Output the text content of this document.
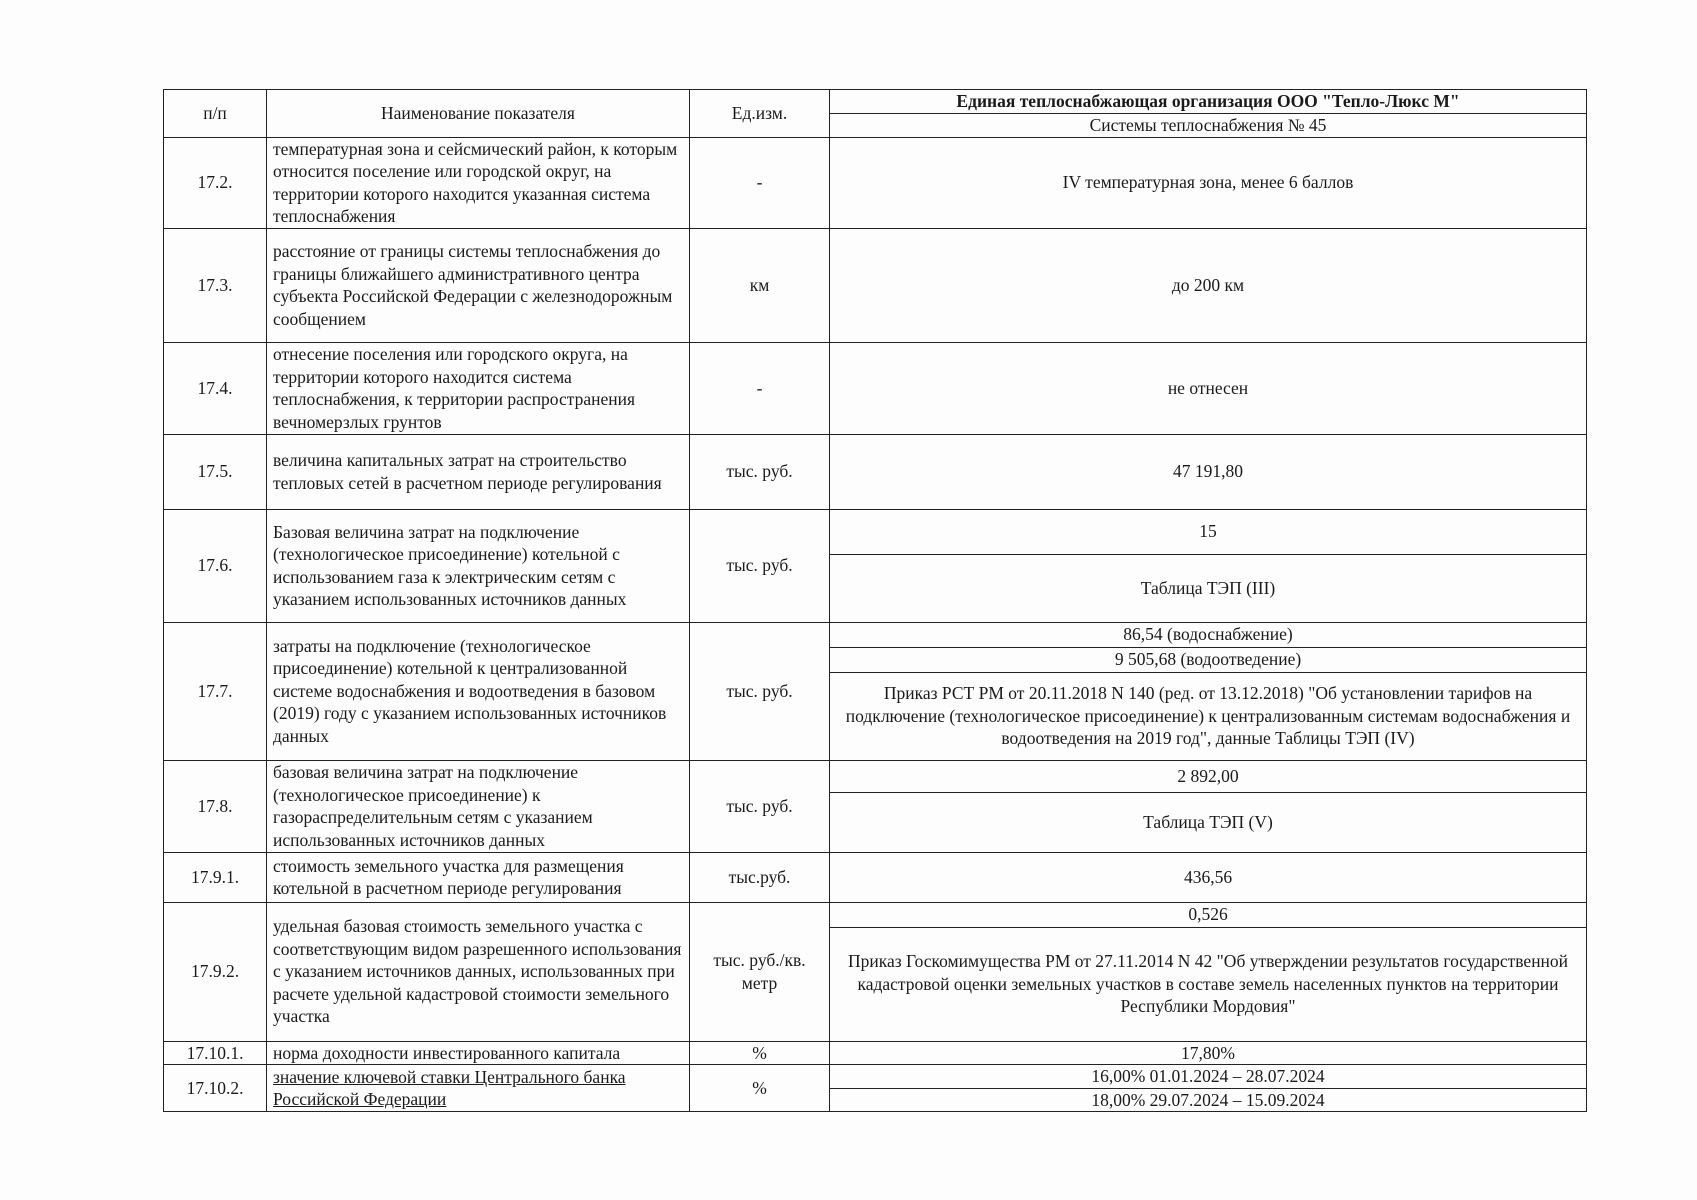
п/п	Наименование показателя	Ед.изм.	Единая теплоснабжающая организация ООО "Тепло-Люкс М"
			Системы теплоснабжения № 45
17.2.	температурная зона и сейсмический район, к которым относится поселение или городской округ, на территории которого находится указанная система теплоснабжения	-	IV температурная зона, менее 6 баллов
17.3.	расстояние от границы системы теплоснабжения до границы ближайшего административного центра субъекта Российской Федерации с железнодорожным сообщением	км	до 200 км
17.4.	отнесение поселения или городского округа, на территории которого находится система теплоснабжения, к территории распространения вечномерзлых грунтов	-	не отнесен
17.5.	величина капитальных затрат на строительство тепловых сетей в расчетном периоде регулирования	тыс. руб.	47 191,80
17.6.	Базовая величина затрат на подключение (технологическое присоединение) котельной с использованием газа к электрическим сетям с указанием использованных источников данных	тыс. руб.	15
			Таблица ТЭП (III)
17.7.	затраты на подключение (технологическое присоединение) котельной к централизованной системе водоснабжения и водоотведения в базовом (2019) году с указанием использованных источников данных	тыс. руб.	86,54 (водоснабжение)
			9 505,68 (водоотведение)
			Приказ РСТ РМ от 20.11.2018 N 140 (ред. от 13.12.2018) "Об установлении тарифов на подключение (технологическое присоединение) к централизованным системам водоснабжения и водоотведения на 2019 год", данные Таблицы ТЭП (IV)
17.8.	базовая величина затрат на подключение (технологическое присоединение) к газораспределительным сетям с указанием использованных источников данных	тыс. руб.	2 892,00
			Таблица ТЭП (V)
17.9.1.	стоимость земельного участка для размещения котельной в расчетном периоде регулирования	тыс.руб.	436,56
17.9.2.	удельная базовая стоимость земельного участка с соответствующим видом разрешенного использования с указанием источников данных, использованных при расчете удельной кадастровой стоимости земельного участка	тыс. руб./кв. метр	0,526
			Приказ Госкомимущества РМ от 27.11.2014 N 42 "Об утверждении результатов государственной кадастровой оценки земельных участков в составе земель населенных пунктов на территории Республики Мордовия"
17.10.1.	норма доходности инвестированного капитала	%	17,80%
17.10.2.	значение ключевой ставки Центрального банка Российской Федерации	%	16,00% 01.01.2024 – 28.07.2024
			18,00% 29.07.2024 – 15.09.2024
